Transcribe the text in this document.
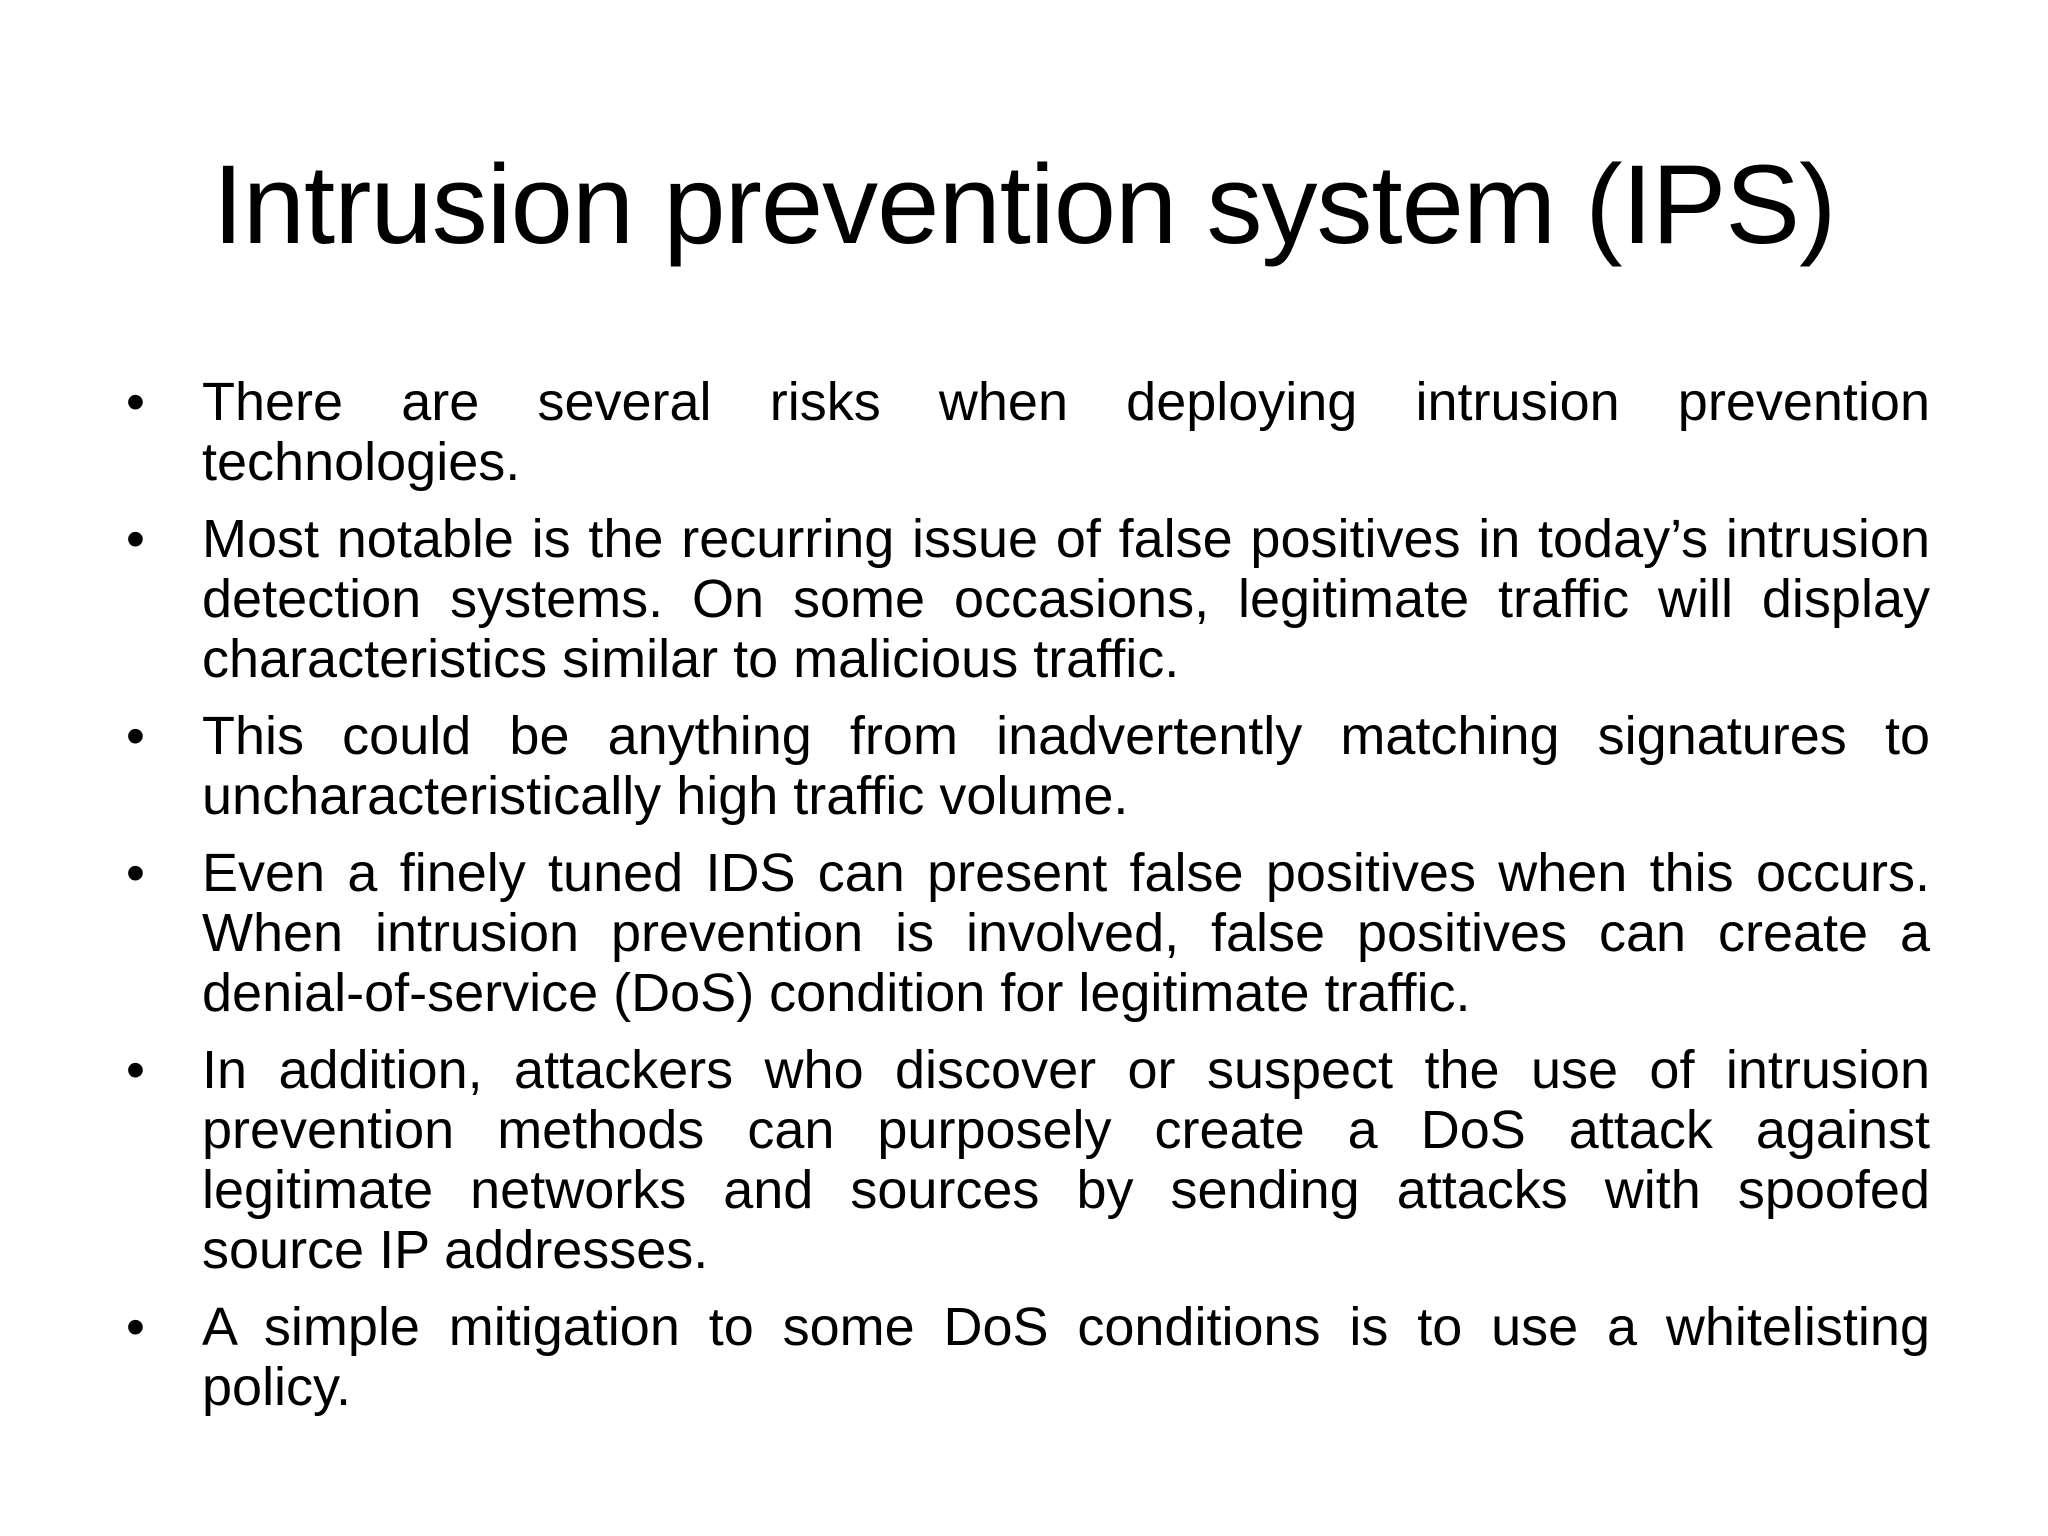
Intrusion prevention system (IPS)
• There are several risks when deploying intrusion prevention technologies.
• Most notable is the recurring issue of false positives in today’s intrusion detection systems. On some occasions, legitimate traffic will display characteristics similar to malicious traffic.
• This could be anything from inadvertently matching signatures to uncharacteristically high traffic volume.
• Even a finely tuned IDS can present false positives when this occurs. When intrusion prevention is involved, false positives can create a denial-of-service (DoS) condition for legitimate traffic.
• In addition, attackers who discover or suspect the use of intrusion prevention methods can purposely create a DoS attack against legitimate networks and sources by sending attacks with spoofed source IP addresses.
• A simple mitigation to some DoS conditions is to use a whitelisting policy.
